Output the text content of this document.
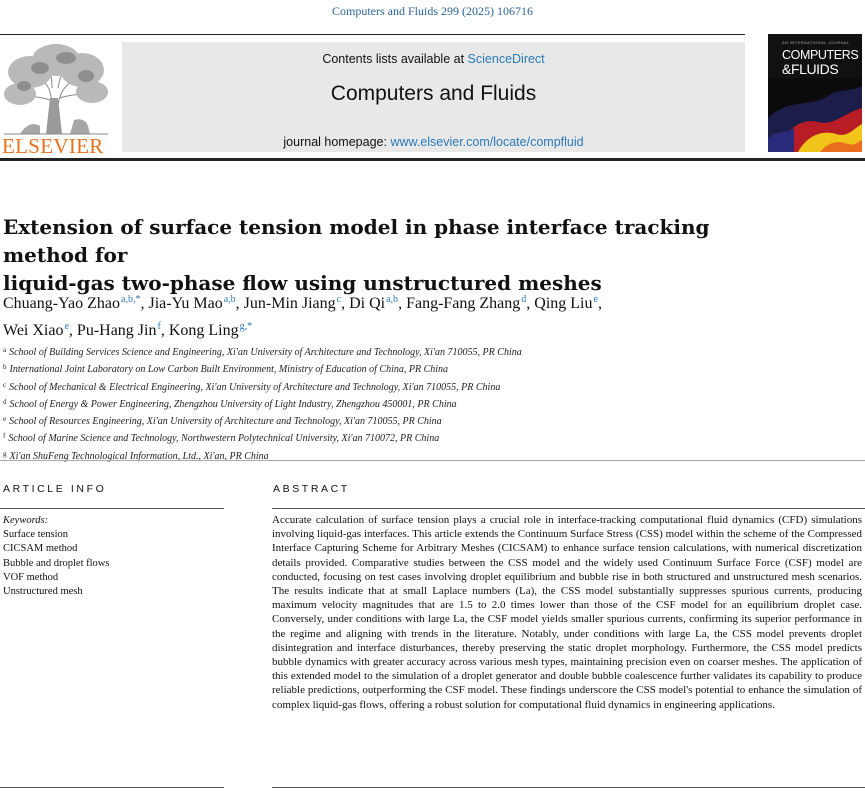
Computers and Fluids 299 (2025) 106716
ELSEVIER
Contents lists available at ScienceDirect
Computers and Fluids
journal homepage: www.elsevier.com/locate/compfluid
AN INTERNATIONAL JOURNAL
COMPUTERS
&FLUIDS
Extension of surface tension model in phase interface tracking method for
liquid-gas two-phase flow using unstructured meshes
Chuang-Yao Zhao$^{a,b,*}$, Jia-Yu Mao$^{a,b}$, Jun-Min Jiang$^c$, Di Qi$^{a,b}$, Fang-Fang Zhang$^d$, Qing Liu$^e$,
Wei Xiao$^e$, Pu-Hang Jin$^f$, Kong Ling$^{g,*}$
$^a$ School of Building Services Science and Engineering, Xi'an University of Architecture and Technology, Xi'an 710055, PR China
$^b$ International Joint Laboratory on Low Carbon Built Environment, Ministry of Education of China, PR China
$^c$ School of Mechanical & Electrical Engineering, Xi'an University of Architecture and Technology, Xi'an 710055, PR China
$^d$ School of Energy & Power Engineering, Zhengzhou University of Light Industry, Zhengzhou 450001, PR China
$^e$ School of Resources Engineering, Xi'an University of Architecture and Technology, Xi'an 710055, PR China
$^f$ School of Marine Science and Technology, Northwestern Polytechnical University, Xi'an 710072, PR China
$^g$ Xi'an ShuFeng Technological Information, Ltd., Xi'an, PR China
ARTICLE INFO
Keywords:
Surface tension
CICSAM method
Bubble and droplet flows
VOF method
Unstructured mesh
ABSTRACT

Accurate calculation of surface tension plays a crucial role in interface-tracking computational fluid dynamics (CFD) simulations involving liquid-gas interfaces. This article extends the Continuum Surface Stress (CSS) model within the scheme of the Compressed Interface Capturing Scheme for Arbitrary Meshes (CICSAM) to enhance surface tension calculations, with numerical discretization details provided. Comparative studies between the CSS model and the widely used Continuum Surface Force (CSF) model are conducted, focusing on test cases involving droplet equilibrium and bubble rise in both structured and unstructured mesh scenarios. The results indicate that at small Laplace numbers (La), the CSS model substantially suppresses spurious currents, producing maximum velocity magnitudes that are 1.5 to 2.0 times lower than those of the CSF model for an equilibrium droplet case. Conversely, under conditions with large La, the CSF model yields smaller spurious currents, confirming its superior performance in the regime and aligning with trends in the literature. Notably, under conditions with large La, the CSS model prevents droplet disintegration and interface disturbances, thereby preserving the static droplet morphology. Furthermore, the CSS model predicts bubble dynamics with greater accuracy across various mesh types, maintaining precision even on coarser meshes. The application of this extended model to the simulation of a droplet generator and double bubble coalescence further validates its capability to produce reliable predictions, outperforming the CSF model. These findings underscore the CSS model's potential to enhance the simulation of complex liquid-gas flows, offering a robust solution for computational fluid dynamics in engineering applications.
